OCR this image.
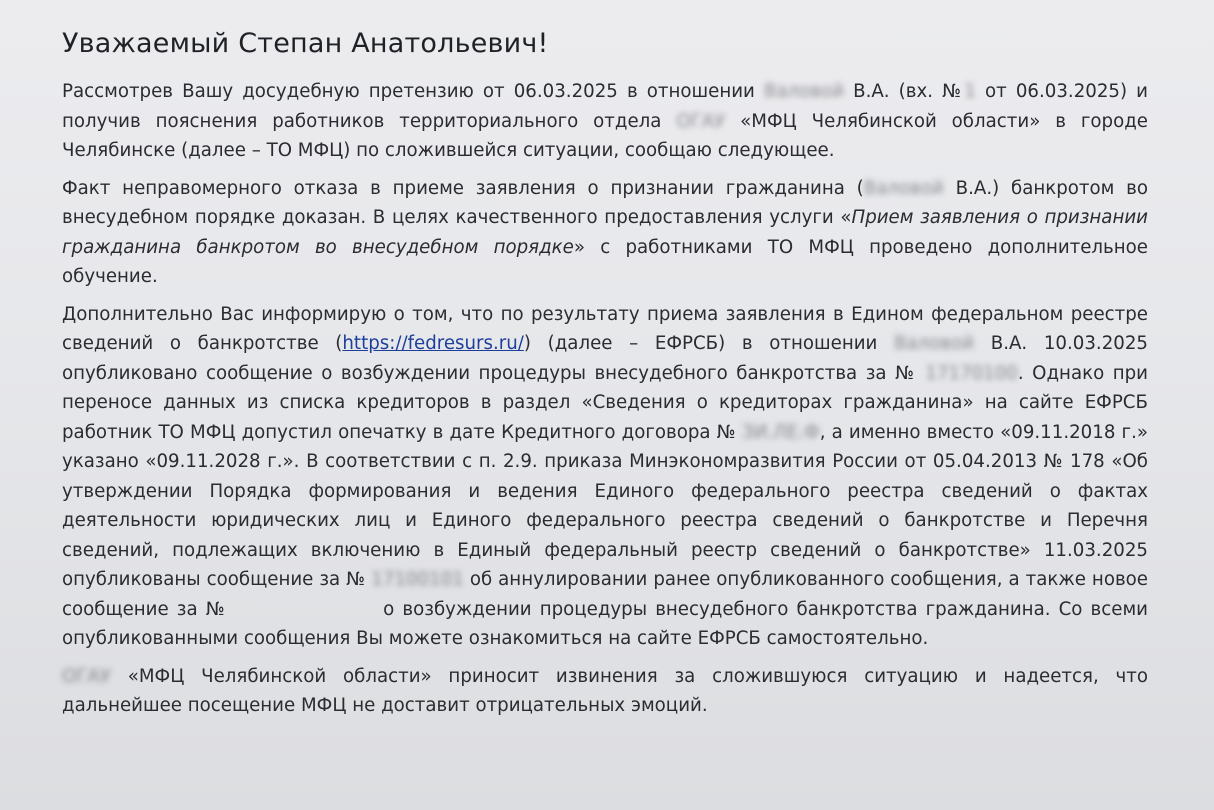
Уважаемый Степан Анатольевич!

Рассмотрев Вашу досудебную претензию от 06.03.2025 в отношении Валовой В.А. (вх. №1 от 06.03.2025) и получив пояснения работников территориального отдела ОГАУ «МФЦ Челябинской области» в городе Челябинске (далее – ТО МФЦ) по сложившейся ситуации, сообщаю следующее.

Факт неправомерного отказа в приеме заявления о признании гражданина (Валовой В.А.) банкротом во внесудебном порядке доказан. В целях качественного предоставления услуги «Прием заявления о признании гражданина банкротом во внесудебном порядке» с работниками ТО МФЦ проведено дополнительное обучение.

Дополнительно Вас информирую о том, что по результату приема заявления в Едином федеральном реестре сведений о банкротстве (https://fedresurs.ru/) (далее – ЕФРСБ) в отношении Валовой В.А. 10.03.2025 опубликовано сообщение о возбуждении процедуры внесудебного банкротства за № 17170100. Однако при переносе данных из списка кредиторов в раздел «Сведения о кредиторах гражданина» на сайте ЕФРСБ работник ТО МФЦ допустил опечатку в дате Кредитного договора № ЗИ.ЛЕ.Ф, а именно вместо «09.11.2018 г.» указано «09.11.2028 г.». В соответствии с п. 2.9. приказа Минэкономразвития России от 05.04.2013 № 178 «Об утверждении Порядка формирования и ведения Единого федерального реестра сведений о фактах деятельности юридических лиц и Единого федерального реестра сведений о банкротстве и Перечня сведений, подлежащих включению в Единый федеральный реестр сведений о банкротстве» 11.03.2025 опубликованы сообщение за № 17100101 об аннулировании ранее опубликованного сообщения, а также новое сообщение за №	о возбуждении процедуры внесудебного банкротства гражданина. Со всеми опубликованными сообщения Вы можете ознакомиться на сайте ЕФРСБ самостоятельно.

ОГАУ «МФЦ Челябинской области» приносит извинения за сложившуюся ситуацию и надеется, что дальнейшее посещение МФЦ не доставит отрицательных эмоций.
